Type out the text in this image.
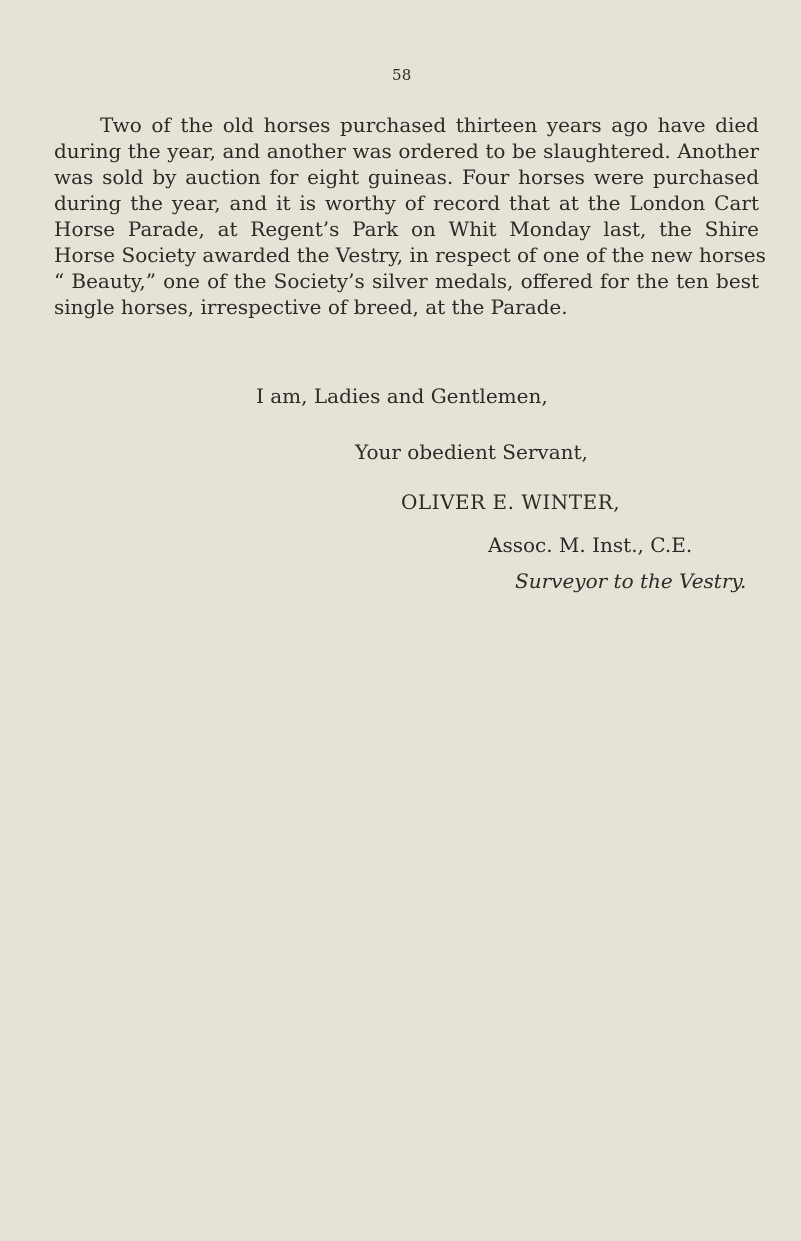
58
Two of the old horses purchased thirteen years ago have died
during the year, and another was ordered to be slaughtered. Another
was sold by auction for eight guineas. Four horses were purchased
during the year, and it is worthy of record that at the London Cart
Horse Parade, at Regent’s Park on Whit Monday last, the Shire
Horse Society awarded the Vestry, in respect of one of the new horses
“ Beauty,” one of the Society’s silver medals, offered for the ten best
single horses, irrespective of breed, at the Parade.
I am, Ladies and Gentlemen,
Your obedient Servant,
OLIVER E. WINTER,
Assoc. M. Inst., C.E.
Surveyor to the Vestry.
